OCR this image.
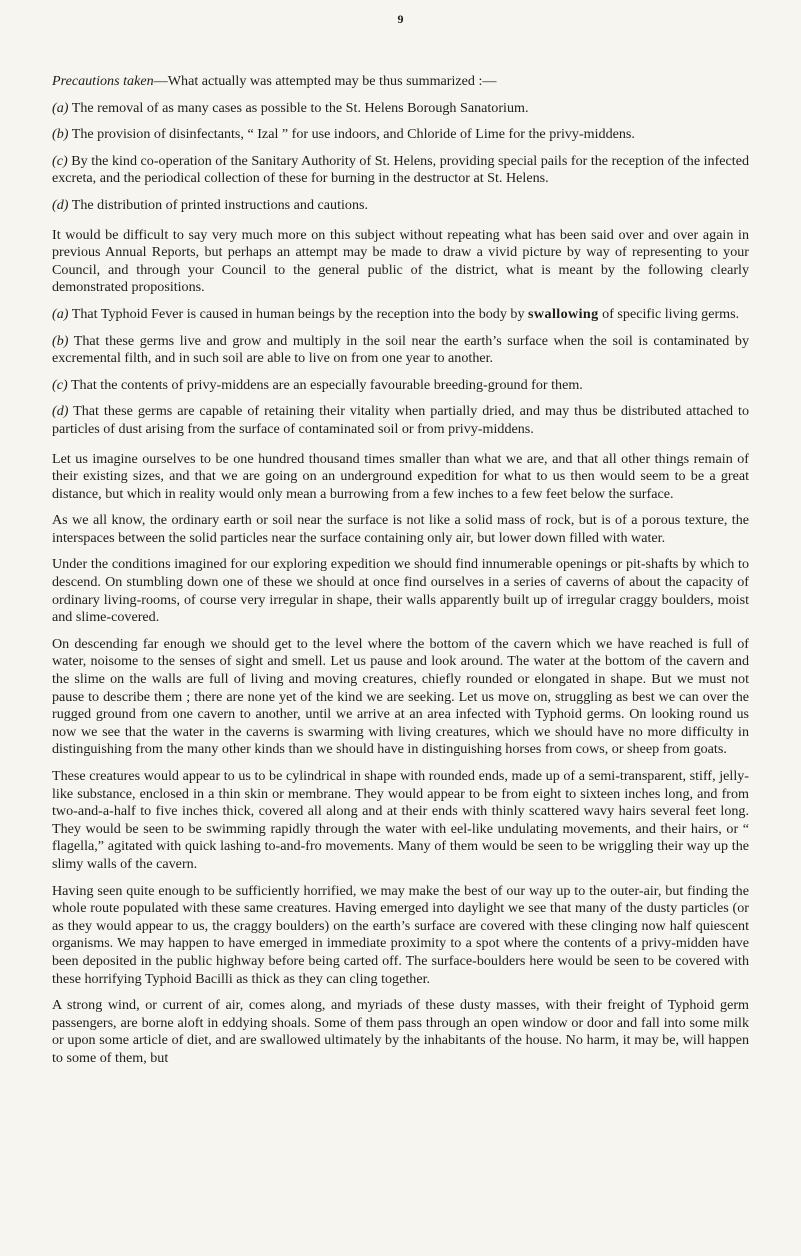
9

Precautions taken—What actually was attempted may be thus summarized :—

(a) The removal of as many cases as possible to the St. Helens Borough Sanatorium.
(b) The provision of disinfectants, “ Izal ” for use indoors, and Chloride of Lime for the privy-middens.
(c) By the kind co-operation of the Sanitary Authority of St. Helens, providing special pails for the reception of the infected excreta, and the periodical collection of these for burning in the destructor at St. Helens.
(d) The distribution of printed instructions and cautions.

It would be difficult to say very much more on this subject without repeating what has been said over and over again in previous Annual Reports, but perhaps an attempt may be made to draw a vivid picture by way of representing to your Council, and through your Council to the general public of the district, what is meant by the following clearly demonstrated propositions.

(a) That Typhoid Fever is caused in human beings by the reception into the body by swallowing of specific living germs.
(b) That these germs live and grow and multiply in the soil near the earth’s surface when the soil is contaminated by excremental filth, and in such soil are able to live on from one year to another.
(c) That the contents of privy-middens are an especially favourable breeding-ground for them.
(d) That these germs are capable of retaining their vitality when partially dried, and may thus be distributed attached to particles of dust arising from the surface of contaminated soil or from privy-middens.

Let us imagine ourselves to be one hundred thousand times smaller than what we are, and that all other things remain of their existing sizes, and that we are going on an underground expedition for what to us then would seem to be a great distance, but which in reality would only mean a burrowing from a few inches to a few feet below the surface.

As we all know, the ordinary earth or soil near the surface is not like a solid mass of rock, but is of a porous texture, the interspaces between the solid particles near the surface containing only air, but lower down filled with water.

Under the conditions imagined for our exploring expedition we should find innumerable openings or pit-shafts by which to descend. On stumbling down one of these we should at once find ourselves in a series of caverns of about the capacity of ordinary living-rooms, of course very irregular in shape, their walls apparently built up of irregular craggy boulders, moist and slime-covered.

On descending far enough we should get to the level where the bottom of the cavern which we have reached is full of water, noisome to the senses of sight and smell. Let us pause and look around. The water at the bottom of the cavern and the slime on the walls are full of living and moving creatures, chiefly rounded or elongated in shape. But we must not pause to describe them ; there are none yet of the kind we are seeking. Let us move on, struggling as best we can over the rugged ground from one cavern to another, until we arrive at an area infected with Typhoid germs. On looking round us now we see that the water in the caverns is swarming with living creatures, which we should have no more difficulty in distinguishing from the many other kinds than we should have in distinguishing horses from cows, or sheep from goats.

These creatures would appear to us to be cylindrical in shape with rounded ends, made up of a semi-transparent, stiff, jelly-like substance, enclosed in a thin skin or membrane. They would appear to be from eight to sixteen inches long, and from two-and-a-half to five inches thick, covered all along and at their ends with thinly scattered wavy hairs several feet long. They would be seen to be swimming rapidly through the water with eel-like undulating movements, and their hairs, or “ flagella,” agitated with quick lashing to-and-fro movements. Many of them would be seen to be wriggling their way up the slimy walls of the cavern.

Having seen quite enough to be sufficiently horrified, we may make the best of our way up to the outer-air, but finding the whole route populated with these same creatures. Having emerged into daylight we see that many of the dusty particles (or as they would appear to us, the craggy boulders) on the earth’s surface are covered with these clinging now half quiescent organisms. We may happen to have emerged in immediate proximity to a spot where the contents of a privy-midden have been deposited in the public highway before being carted off. The surface-boulders here would be seen to be covered with these horrifying Typhoid Bacilli as thick as they can cling together.

A strong wind, or current of air, comes along, and myriads of these dusty masses, with their freight of Typhoid germ passengers, are borne aloft in eddying shoals. Some of them pass through an open window or door and fall into some milk or upon some article of diet, and are swallowed ultimately by the inhabitants of the house. No harm, it may be, will happen to some of them, but
